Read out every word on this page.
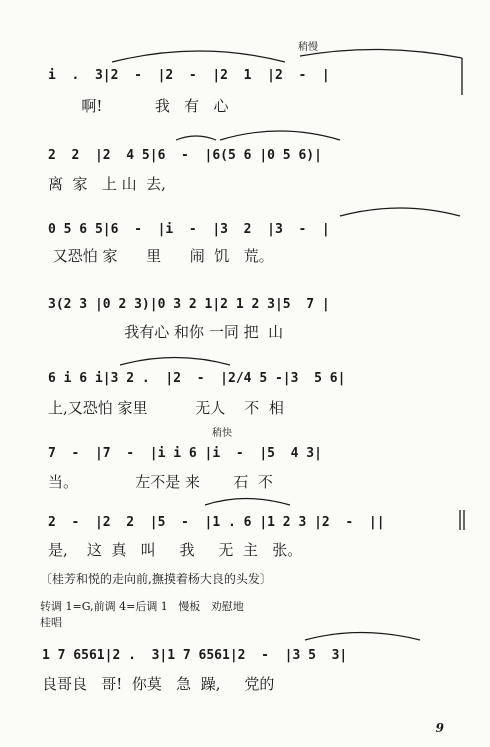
稍慢
i  .  3|2  -  |2  -  |2  1  |2  -  |
啊!           我   有   心
2  2  |2  4 5|6  -  |6(5 6 |0 5 6)|
离  家   上 山  去,
0 5 6 5|6  -  |i  -  |3  2  |3  -  |
又恐怕 家      里      闹  饥   荒。
3(2 3 |0 2 3)|0 3 2 1|2 1 2 3|5  7 |
我有心 和你 一同 把  山
6 i 6 i|3 2 .  |2  -  |2/4 5 -|3  5 6|
上,又恐怕 家里          无人    不  相
稍快
7  -  |7  -  |i i 6 |i  -  |5  4 3|
当。            左不是 来       石  不
2  -  |2  2  |5  -  |1 . 6 |1 2 3 |2  -  ||
是,    这  真   叫     我     无  主   张。
〔桂芳和悦的走向前,撫摸着杨大良的头发〕
转调 1=G,前调 4=后调 1   慢板   劝慰地
桂唱
1 7 6561|2 .  3|1 7 6561|2  -  |3 5  3|
良哥良   哥!  你莫   急  躁,     党的
9
